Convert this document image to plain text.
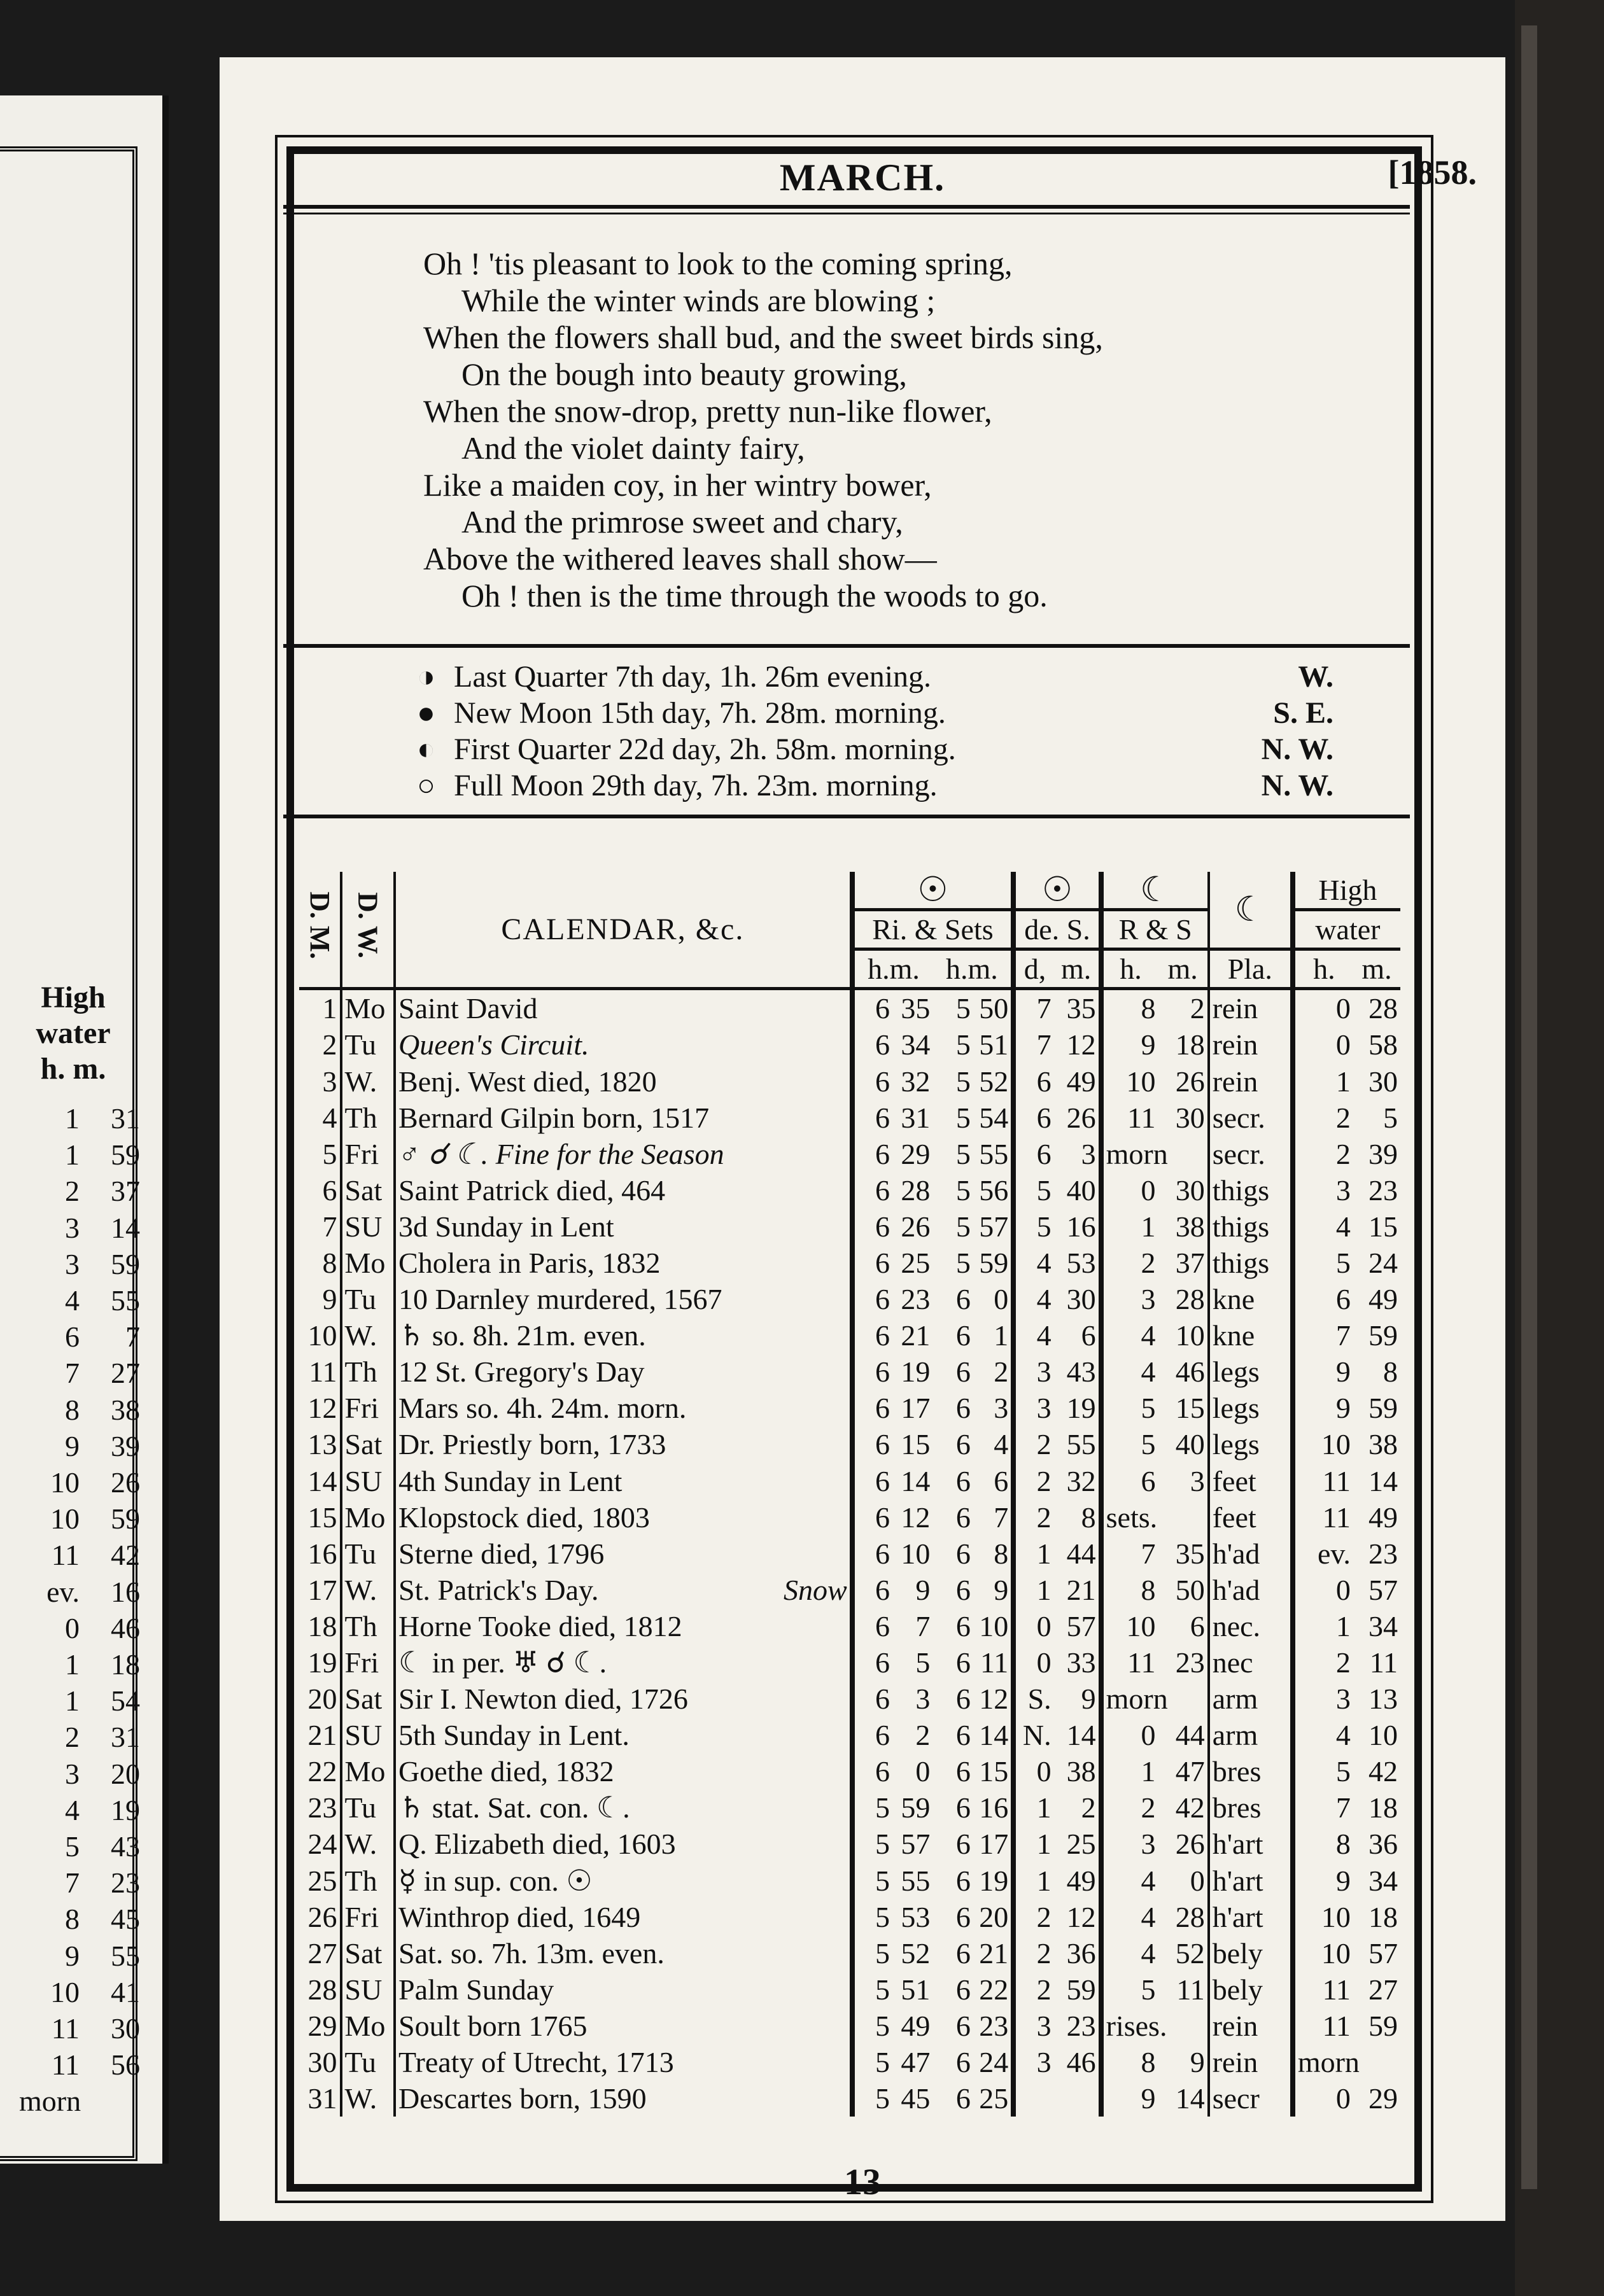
High
water
h. m.
1 31
1 59
2 37
3 14
3 59
4 55
6 7
7 27
8 38
9 39
10 26
10 59
11 42
ev. 16
0 46
1 18
1 54
2 31
3 20
4 19
5 43
7 23
8 45
9 55
10 41
11 30
11 56
morn
MARCH.	[1858.
Oh ! 'tis pleasant to look to the coming spring,
While the winter winds are blowing ;
When the flowers shall bud, and the sweet birds sing,
On the bough into beauty growing,
When the snow-drop, pretty nun-like flower,
And the violet dainty fairy,
Like a maiden coy, in her wintry bower,
And the primrose sweet and chary,
Above the withered leaves shall show—
Oh ! then is the time through the woods to go.
◑ Last Quarter 7th day, 1h. 26m evening.	W.
● New Moon 15th day, 7h. 28m. morning.	S. E.
◐ First Quarter 22d day, 2h. 58m. morning.	N. W.
○ Full Moon 29th day, 7h. 23m. morning.	N. W.
D. M.	D. W.	CALENDAR, &c.	☉				☉		☾		☾	High	
			Ri. & Sets				de. S.		R & S			water	
			h.m.		h.m.		d,	m.	h.	m.	Pla.	h.	m.
1	Mo	Saint David	6	35	5	50	7	35	8	2	rein	0	28
2	Tu	Queen's Circuit.	6	34	5	51	7	12	9	18	rein	0	58
3	W.	Benj. West died, 1820	6	32	5	52	6	49	10	26	rein	1	30
4	Th	Bernard Gilpin born, 1517	6	31	5	54	6	26	11	30	secr.	2	5
5	Fri	♂ ☌ ☾. Fine for the Season	6	29	5	55	6	3	morn		secr.	2	39
6	Sat	Saint Patrick died, 464	6	28	5	56	5	40	0	30	thigs	3	23
7	SU	3d Sunday in Lent	6	26	5	57	5	16	1	38	thigs	4	15
8	Mo	Cholera in Paris, 1832	6	25	5	59	4	53	2	37	thigs	5	24
9	Tu	10 Darnley murdered, 1567	6	23	6	0	4	30	3	28	kne	6	49
10	W.	♄ so. 8h. 21m. even.	6	21	6	1	4	6	4	10	kne	7	59
11	Th	12 St. Gregory's Day	6	19	6	2	3	43	4	46	legs	9	8
12	Fri	Mars so. 4h. 24m. morn.	6	17	6	3	3	19	5	15	legs	9	59
13	Sat	Dr. Priestly born, 1733	6	15	6	4	2	55	5	40	legs	10	38
14	SU	4th Sunday in Lent	6	14	6	6	2	32	6	3	feet	11	14
15	Mo	Klopstock died, 1803	6	12	6	7	2	8	sets.		feet	11	49
16	Tu	Sterne died, 1796	6	10	6	8	1	44	7	35	h'ad	ev.	23
17	W.	St. Patrick's Day. Snow	6	9	6	9	1	21	8	50	h'ad	0	57
18	Th	Horne Tooke died, 1812	6	7	6	10	0	57	10	6	nec.	1	34
19	Fri	☾ in per. ♅ ☌ ☾.	6	5	6	11	0	33	11	23	nec	2	11
20	Sat	Sir I. Newton died, 1726	6	3	6	12	S.	9	morn		arm	3	13
21	SU	5th Sunday in Lent.	6	2	6	14	N.	14	0	44	arm	4	10
22	Mo	Goethe died, 1832	6	0	6	15	0	38	1	47	bres	5	42
23	Tu	♄ stat. Sat. con. ☾.	5	59	6	16	1	2	2	42	bres	7	18
24	W.	Q. Elizabeth died, 1603	5	57	6	17	1	25	3	26	h'art	8	36
25	Th	☿ in sup. con. ☉	5	55	6	19	1	49	4	0	h'art	9	34
26	Fri	Winthrop died, 1649	5	53	6	20	2	12	4	28	h'art	10	18
27	Sat	Sat. so. 7h. 13m. even.	5	52	6	21	2	36	4	52	bely	10	57
28	SU	Palm Sunday	5	51	6	22	2	59	5	11	bely	11	27
29	Mo	Soult born 1765	5	49	6	23	3	23	rises.		rein	11	59
30	Tu	Treaty of Utrecht, 1713	5	47	6	24	3	46	8	9	rein	morn	
31	W.	Descartes born, 1590	5	45	6	25			9	14	secr	0	29
13
